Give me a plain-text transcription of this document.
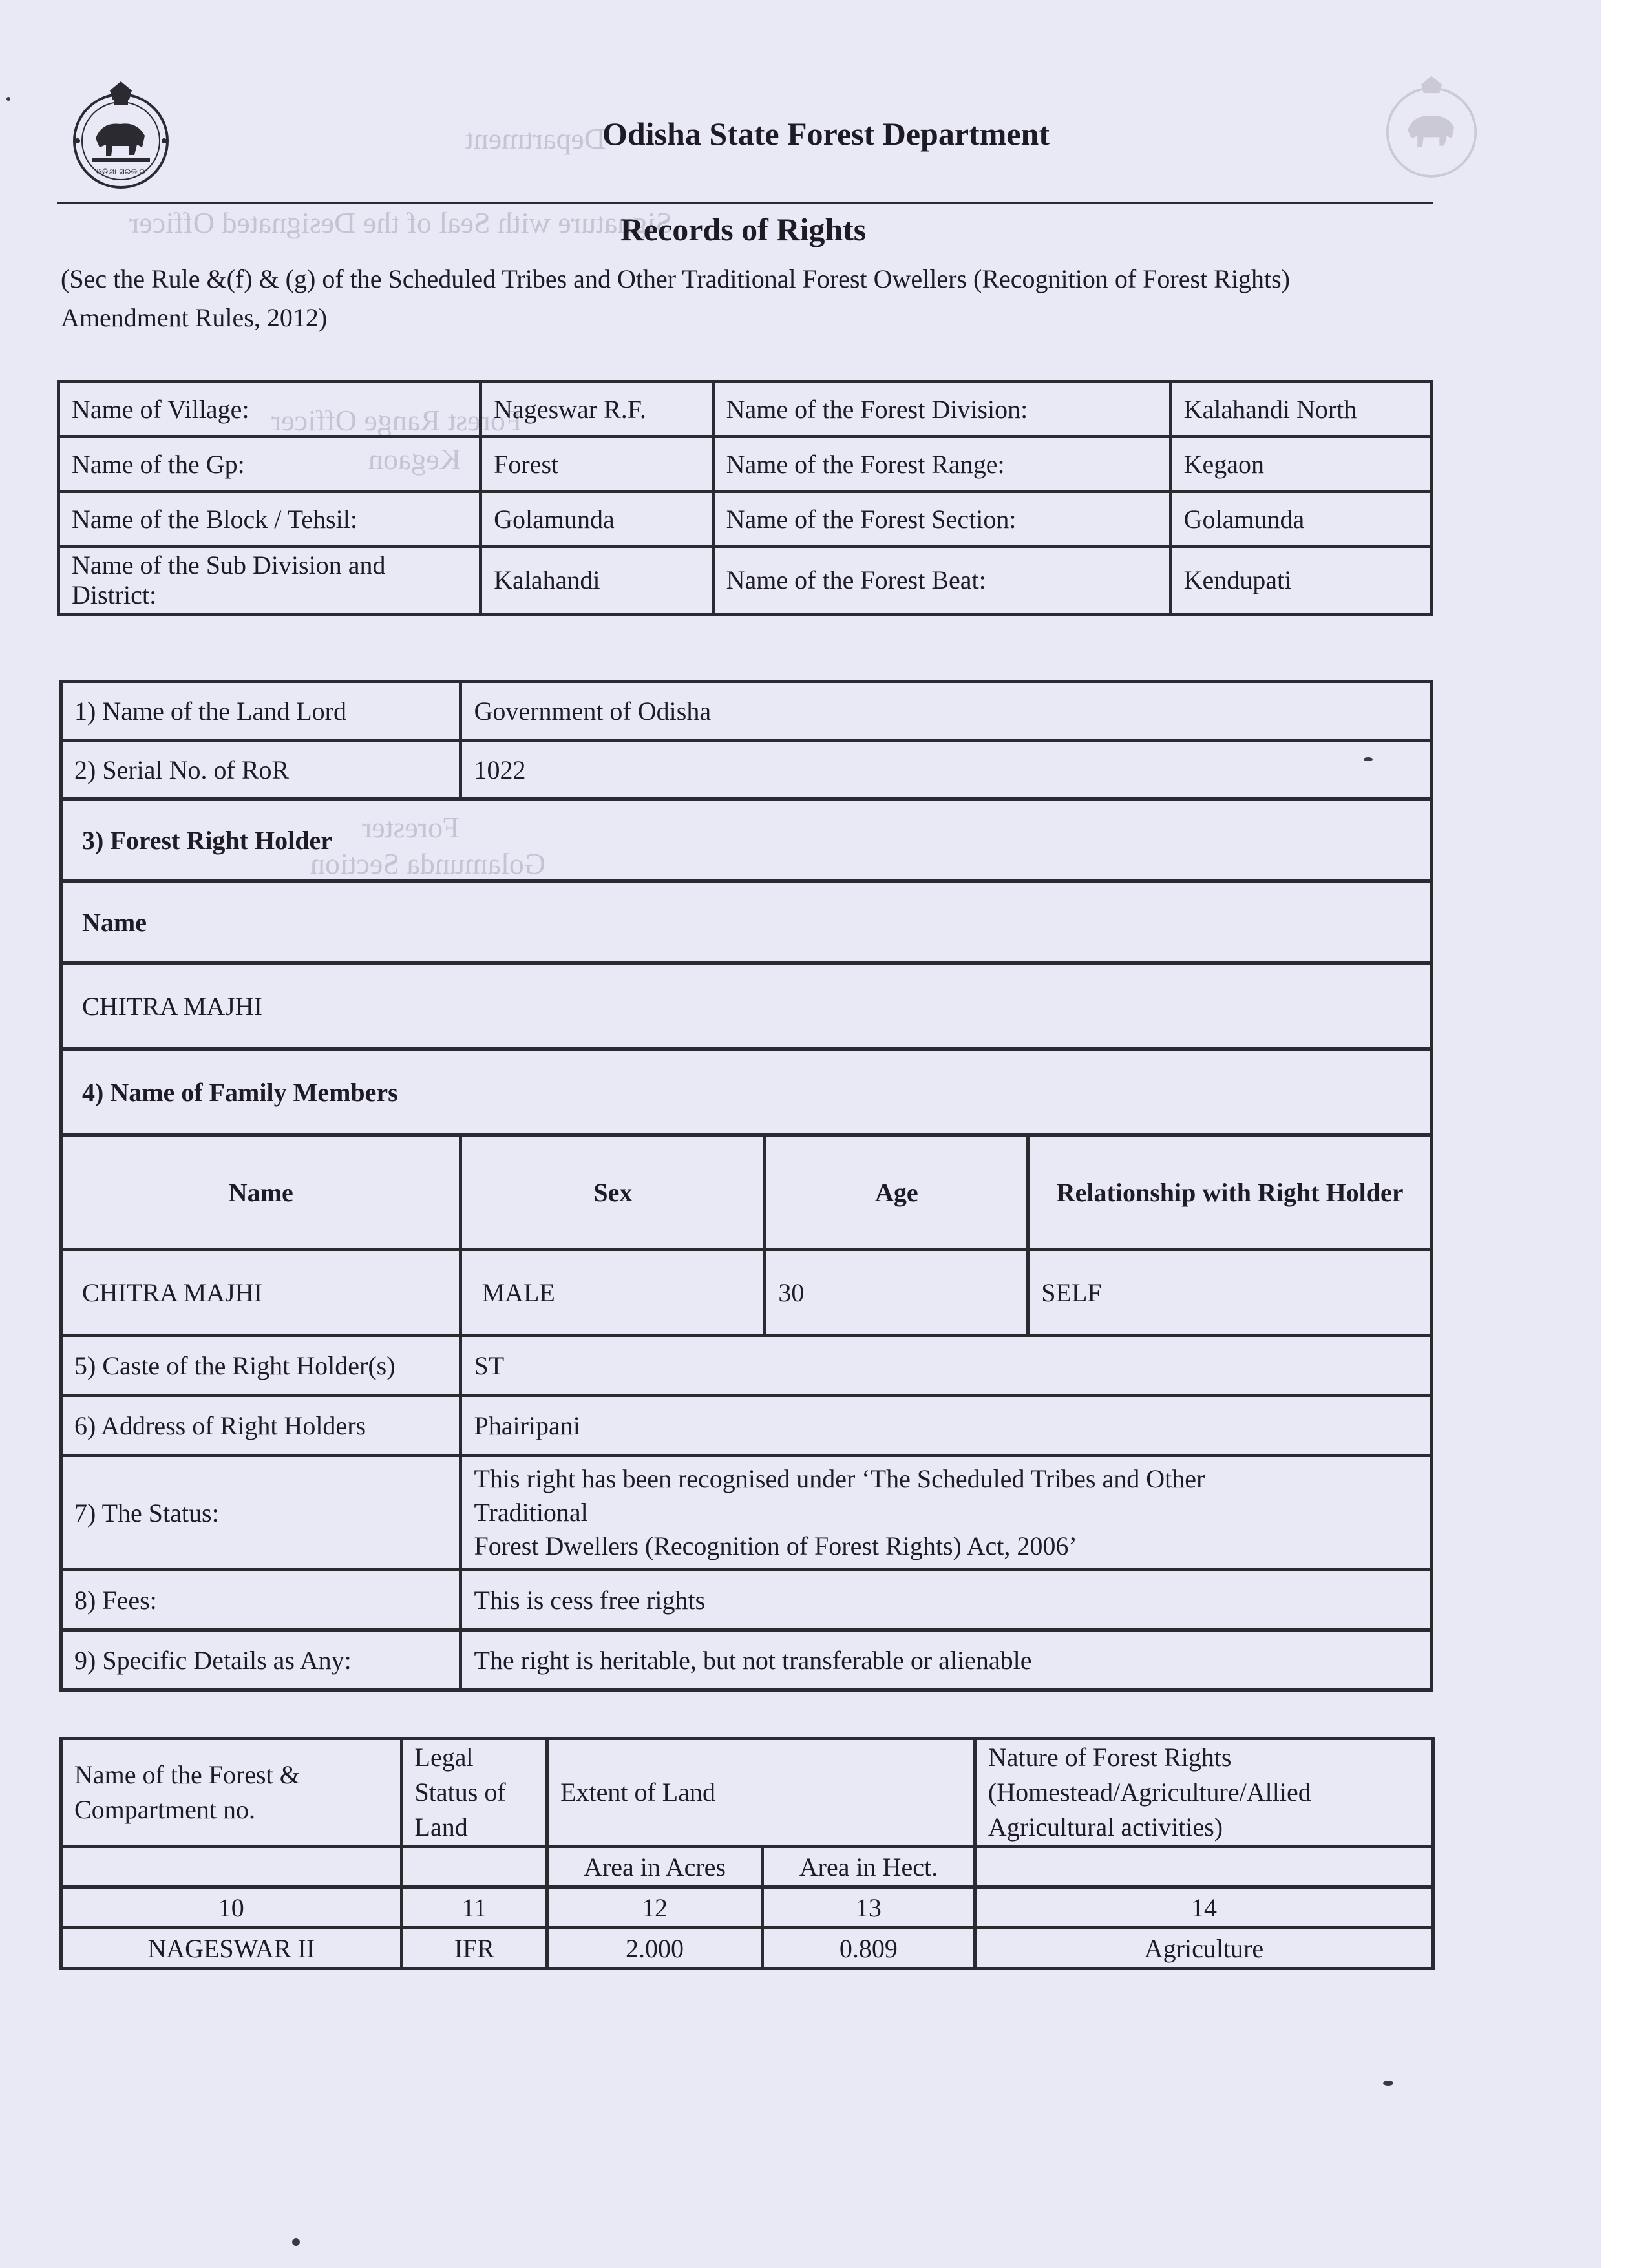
Signature with Seal of the Designated Officer
Department
Forest Range Officer
Kegaon
Forester
Golamunda Section
ଓଡ଼ିଶା ସରକାର
Odisha State Forest Department
Records of Rights
(Sec the Rule &(f) & (g) of the Scheduled Tribes and Other Traditional Forest Owellers (Recognition of Forest Rights) Amendment Rules, 2012)
Name of Village:	Nageswar R.F.	Name of the Forest Division:	Kalahandi North
Name of the Gp:	Forest	Name of the Forest Range:	Kegaon
Name of the Block / Tehsil:	Golamunda	Name of the Forest Section:	Golamunda
Name of the Sub Division and District:	Kalahandi	Name of the Forest Beat:	Kendupati
1) Name of the Land Lord	Government of Odisha		
2) Serial No. of RoR	1022		
3) Forest Right Holder			
Name			
CHITRA MAJHI			
4) Name of Family Members			
Name	Sex	Age	Relationship with Right Holder
CHITRA MAJHI	MALE	30	SELF
5) Caste of the Right Holder(s)	ST		
6) Address of Right Holders	Phairipani		
7) The Status:	This right has been recognised under ‘The Scheduled Tribes and Other
Traditional
Forest Dwellers (Recognition of Forest Rights) Act, 2006’		

8) Fees:	This is cess free rights		
9) Specific Details as Any:	The right is heritable, but not transferable or alienable		
Name of the Forest & Compartment no.	Legal Status of Land	Extent of Land		Nature of Forest Rights (Homestead/Agriculture/Allied Agricultural activities)
		Area in Acres	Area in Hect.	
10	11	12	13	14
NAGESWAR II	IFR	2.000	0.809	Agriculture
